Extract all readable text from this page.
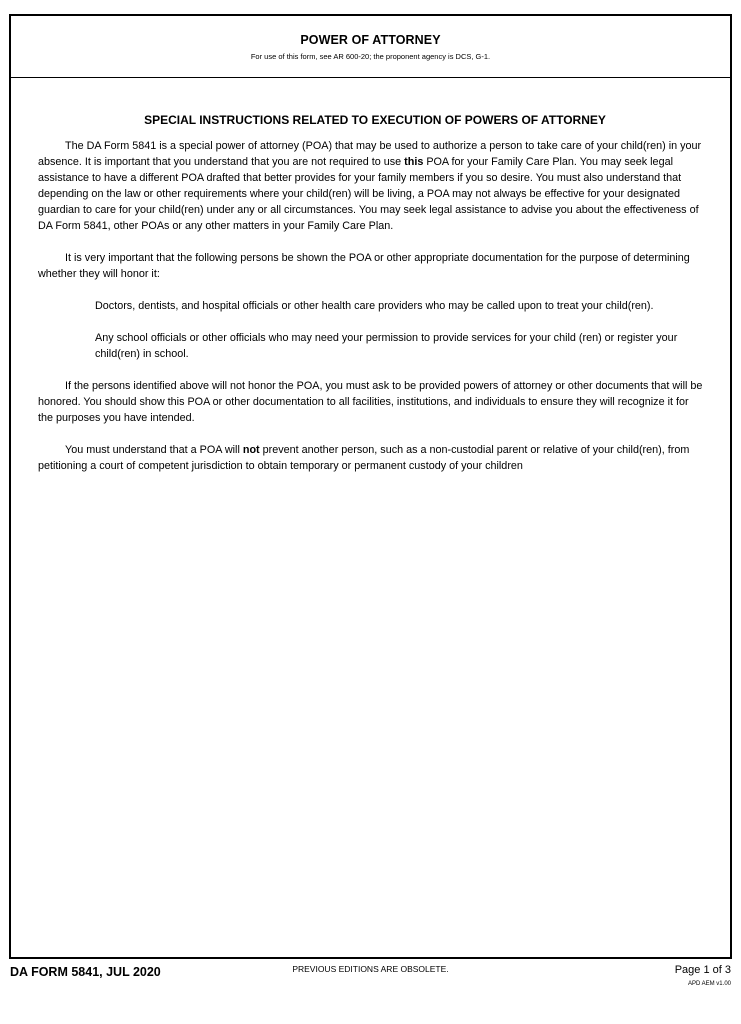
POWER OF ATTORNEY
For use of this form, see AR 600-20; the proponent agency is DCS, G-1.
SPECIAL INSTRUCTIONS RELATED TO EXECUTION OF POWERS OF ATTORNEY

The DA Form 5841 is a special power of attorney (POA) that may be used to authorize a person to take care of your child(ren) in your absence. It is important that you understand that you are not required to use this POA for your Family Care Plan. You may seek legal assistance to have a different POA drafted that better provides for your family members if you so desire. You must also understand that depending on the law or other requirements where your child(ren) will be living, a POA may not always be effective for your designated guardian to care for your child(ren) under any or all circumstances. You may seek legal assistance to advise you about the effectiveness of DA Form 5841, other POAs or any other matters in your Family Care Plan.

It is very important that the following persons be shown the POA or other appropriate documentation for the purpose of determining whether they will honor it:

Doctors, dentists, and hospital officials or other health care providers who may be called upon to treat your child(ren).

Any school officials or other officials who may need your permission to provide services for your child (ren) or register your child(ren) in school.

If the persons identified above will not honor the POA, you must ask to be provided powers of attorney or other documents that will be honored. You should show this POA or other documentation to all facilities, institutions, and individuals to ensure they will recognize it for the purposes you have intended.

You must understand that a POA will not prevent another person, such as a non-custodial parent or relative of your child(ren), from petitioning a court of competent jurisdiction to obtain temporary or permanent custody of your children

DA FORM 5841, JUL 2020	PREVIOUS EDITIONS ARE OBSOLETE.	Page 1 of 3
APD AEM v1.00
